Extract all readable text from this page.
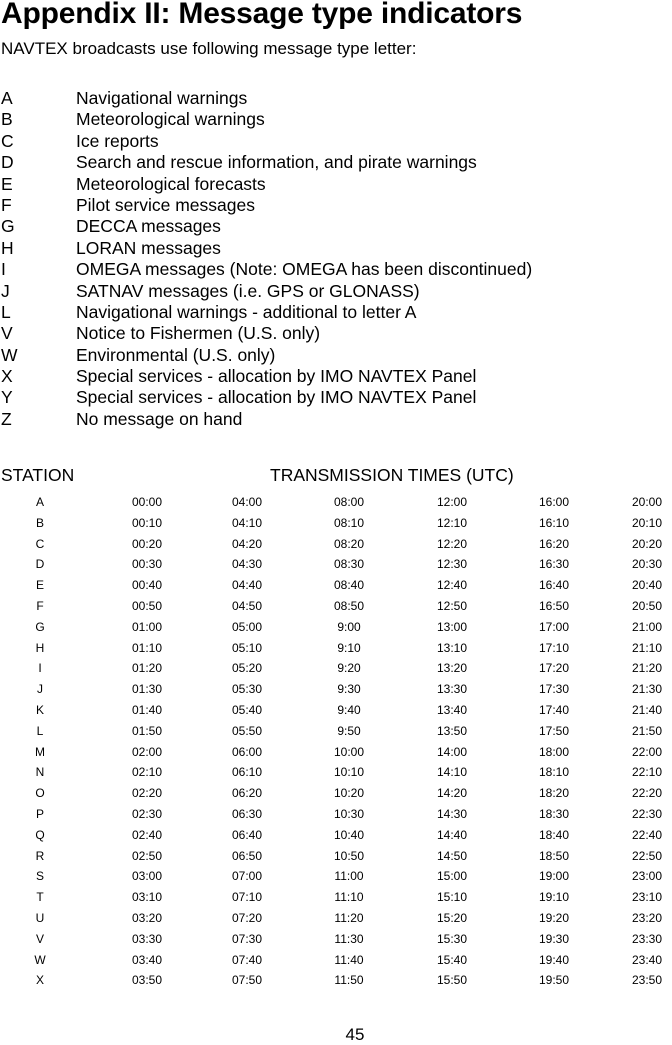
Appendix II: Message type indicators
NAVTEX broadcasts use following message type letter:
A	Navigational warnings
B	Meteorological warnings
C	Ice reports
D	Search and rescue information, and pirate warnings
E	Meteorological forecasts
F	Pilot service messages
G	DECCA messages
H	LORAN messages
I	OMEGA messages (Note: OMEGA has been discontinued)
J	SATNAV messages (i.e. GPS or GLONASS)
L	Navigational warnings - additional to letter A
V	Notice to Fishermen (U.S. only)
W	Environmental (U.S. only)
X	Special services - allocation by IMO NAVTEX Panel
Y	Special services - allocation by IMO NAVTEX Panel
Z	No message on hand
STATION	TRANSMISSION TIMES (UTC)
A	00:00	04:00	08:00	12:00	16:00	20:00
B	00:10	04:10	08:10	12:10	16:10	20:10
C	00:20	04:20	08:20	12:20	16:20	20:20
D	00:30	04:30	08:30	12:30	16:30	20:30
E	00:40	04:40	08:40	12:40	16:40	20:40
F	00:50	04:50	08:50	12:50	16:50	20:50
G	01:00	05:00	9:00	13:00	17:00	21:00
H	01:10	05:10	9:10	13:10	17:10	21:10
I	01:20	05:20	9:20	13:20	17:20	21:20
J	01:30	05:30	9:30	13:30	17:30	21:30
K	01:40	05:40	9:40	13:40	17:40	21:40
L	01:50	05:50	9:50	13:50	17:50	21:50
M	02:00	06:00	10:00	14:00	18:00	22:00
N	02:10	06:10	10:10	14:10	18:10	22:10
O	02:20	06:20	10:20	14:20	18:20	22:20
P	02:30	06:30	10:30	14:30	18:30	22:30
Q	02:40	06:40	10:40	14:40	18:40	22:40
R	02:50	06:50	10:50	14:50	18:50	22:50
S	03:00	07:00	11:00	15:00	19:00	23:00
T	03:10	07:10	11:10	15:10	19:10	23:10
U	03:20	07:20	11:20	15:20	19:20	23:20
V	03:30	07:30	11:30	15:30	19:30	23:30
W	03:40	07:40	11:40	15:40	19:40	23:40
X	03:50	07:50	11:50	15:50	19:50	23:50
45
